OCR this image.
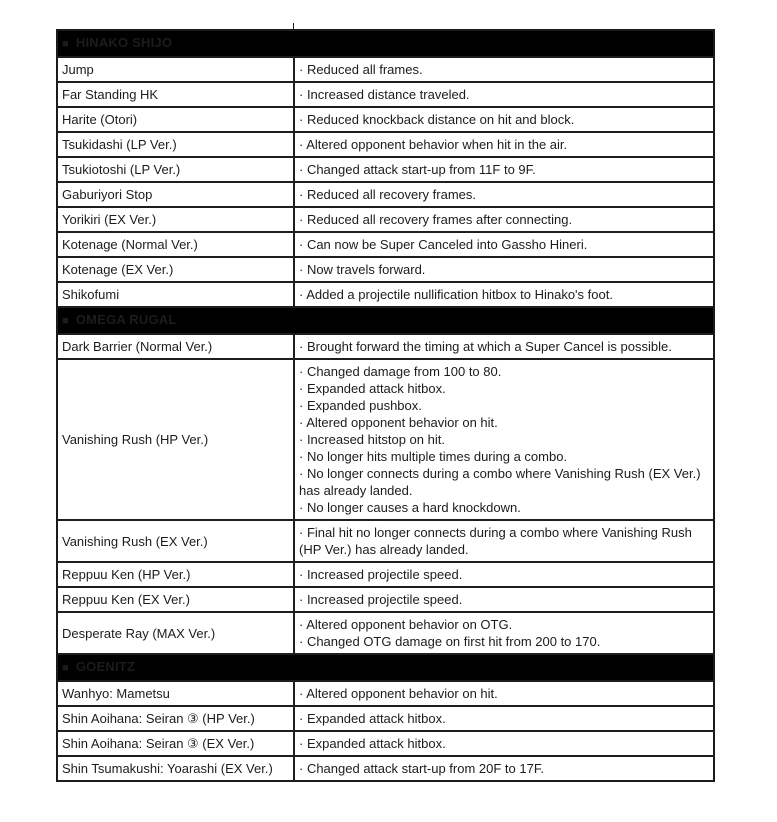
■ HINAKO SHIJO	
Jump	· Reduced all frames.

Far Standing HK	· Increased distance traveled.

Harite (Otori)	· Reduced knockback distance on hit and block.

Tsukidashi (LP Ver.)	· Altered opponent behavior when hit in the air.

Tsukiotoshi (LP Ver.)	· Changed attack start-up from 11F to 9F.

Gaburiyori Stop	· Reduced all recovery frames.

Yorikiri (EX Ver.)	· Reduced all recovery frames after connecting.

Kotenage (Normal Ver.)	· Can now be Super Canceled into Gassho Hineri.

Kotenage (EX Ver.)	· Now travels forward.

Shikofumi	· Added a projectile nullification hitbox to Hinako's foot.

■ OMEGA RUGAL	
Dark Barrier (Normal Ver.)	· Brought forward the timing at which a Super Cancel is possible.

Vanishing Rush (HP Ver.)	
· Changed damage from 100 to 80.
· Expanded attack hitbox.
· Expanded pushbox.
· Altered opponent behavior on hit.
· Increased hitstop on hit.
· No longer hits multiple times during a combo.
· No longer connects during a combo where Vanishing Rush (EX Ver.) has already landed.
· No longer causes a hard knockdown.

Vanishing Rush (EX Ver.)	· Final hit no longer connects during a combo where Vanishing Rush (HP Ver.) has already landed.

Reppuu Ken (HP Ver.)	· Increased projectile speed.

Reppuu Ken (EX Ver.)	· Increased projectile speed.

Desperate Ray (MAX Ver.)	· Altered opponent behavior on OTG.
· Changed OTG damage on first hit from 200 to 170.

■ GOENITZ	
Wanhyo: Mametsu	· Altered opponent behavior on hit.

Shin Aoihana: Seiran ③ (HP Ver.)	· Expanded attack hitbox.

Shin Aoihana: Seiran ③ (EX Ver.)	· Expanded attack hitbox.

Shin Tsumakushi: Yoarashi (EX Ver.)	· Changed attack start-up from 20F to 17F.
